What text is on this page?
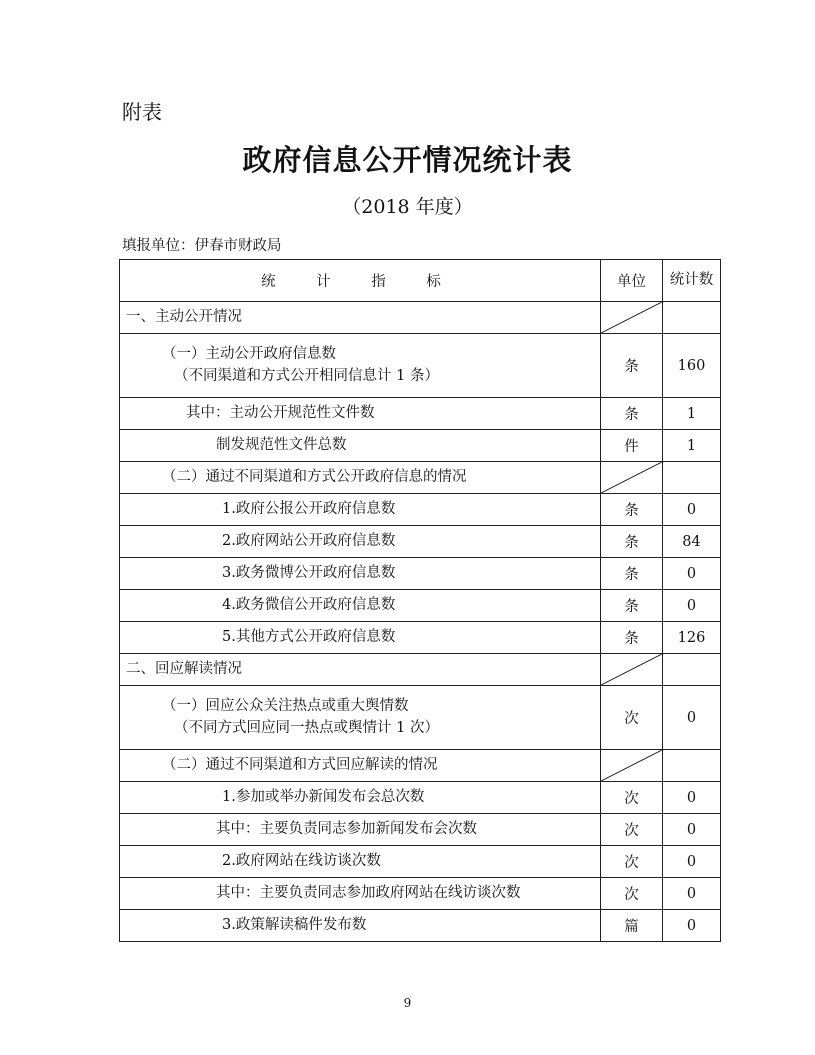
附表
政府信息公开情况统计表
（2018 年度）
填报单位：伊春市财政局
统 计 指 标	单位	统计数
一、主动公开情况	

（一）主动公开政府信息数
（不同渠道和方式公开相同信息计 1 条）	条	160
其中：主动公开规范性文件数	条	1
制发规范性文件总数	件	1
（二）通过不同渠道和方式公开政府信息的情况	

1.政府公报公开政府信息数	条	0
2.政府网站公开政府信息数	条	84
3.政务微博公开政府信息数	条	0
4.政务微信公开政府信息数	条	0
5.其他方式公开政府信息数	条	126
二、回应解读情况	

（一）回应公众关注热点或重大舆情数
（不同方式回应同一热点或舆情计 1 次）	次	0
（二）通过不同渠道和方式回应解读的情况	

1.参加或举办新闻发布会总次数	次	0
其中：主要负责同志参加新闻发布会次数	次	0
2.政府网站在线访谈次数	次	0
其中：主要负责同志参加政府网站在线访谈次数	次	0
3.政策解读稿件发布数	篇	0
9
